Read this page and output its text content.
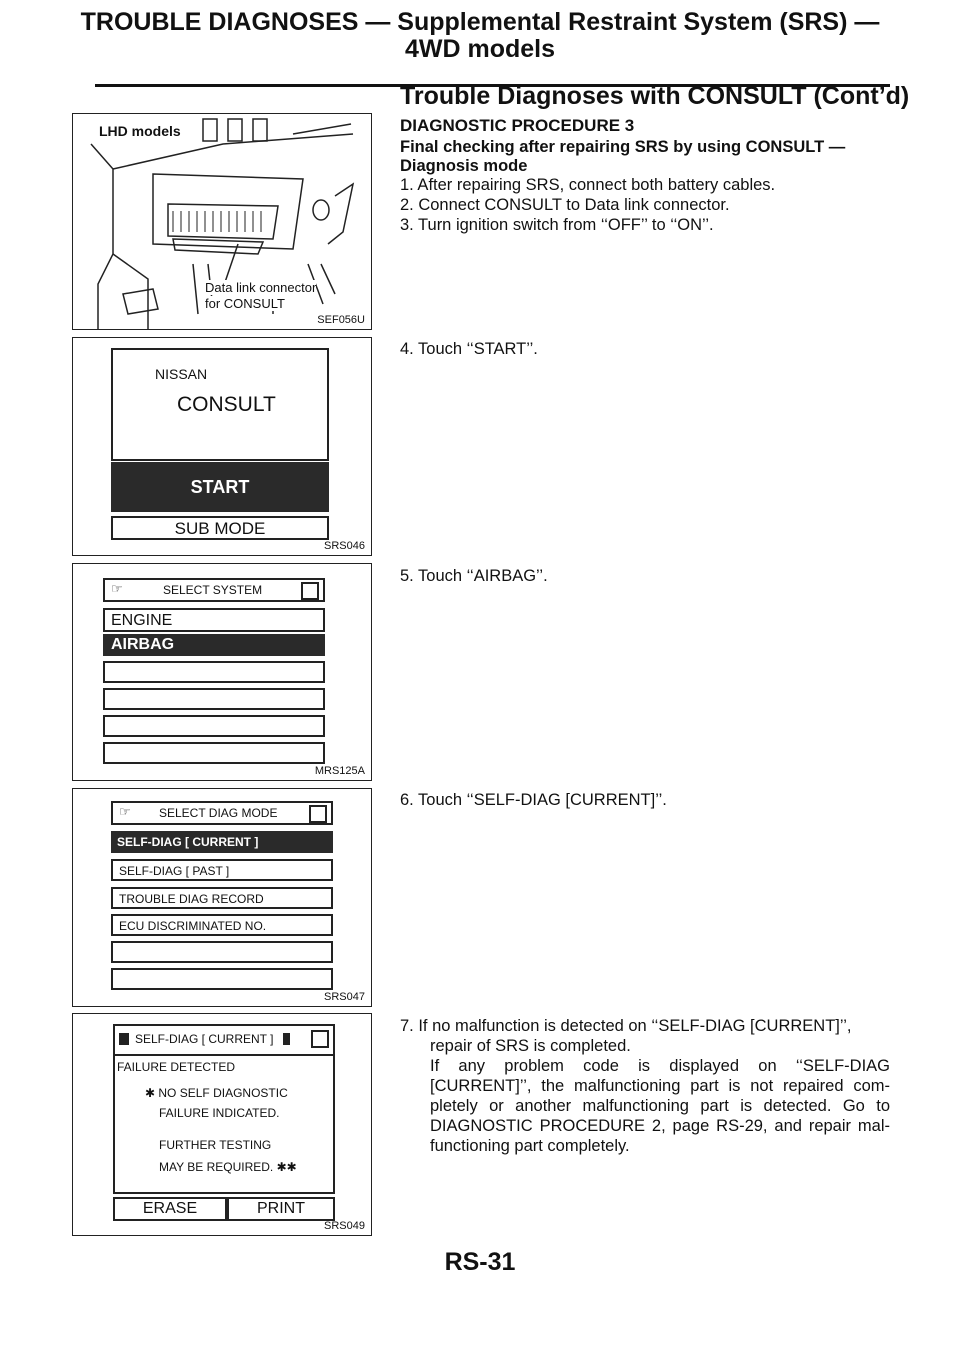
TROUBLE DIAGNOSES — Supplemental Restraint System (SRS) —
4WD models
Trouble Diagnoses with CONSULT (Cont’d)
LHD models
Data link connector
for CONSULT
SEF056U
NISSAN
CONSULT
START
SUB MODE
SRS046
☞	SELECT SYSTEM
ENGINE
AIRBAG
MRS125A
☞ SELECT DIAG MODE
SELF-DIAG [ CURRENT ]
SELF-DIAG [ PAST ]
TROUBLE DIAG RECORD
ECU DISCRIMINATED NO.
SRS047
SELF-DIAG [ CURRENT ]
FAILURE DETECTED
✱ NO SELF DIAGNOSTIC
FAILURE INDICATED.
FURTHER TESTING
MAY BE REQUIRED. ✱✱
ERASE	PRINT
SRS049
DIAGNOSTIC PROCEDURE 3
Final checking after repairing SRS by using CONSULT —
Diagnosis mode
1. After repairing SRS, connect both battery cables.
2. Connect CONSULT to Data link connector.
3. Turn ignition switch from ‘‘OFF’’ to ‘‘ON’’.
4. Touch ‘‘START’’.
5. Touch ‘‘AIRBAG’’.
6. Touch ‘‘SELF-DIAG [CURRENT]’’.
7. If no malfunction is detected on ‘‘SELF-DIAG [CURRENT]’’,
repair of SRS is completed.
If any problem code is displayed on ‘‘SELF-DIAG
[CURRENT]’’, the malfunctioning part is not repaired com-
pletely or another malfunctioning part is detected. Go to
DIAGNOSTIC PROCEDURE 2, page RS-29, and repair mal-
functioning part completely.
RS-31
